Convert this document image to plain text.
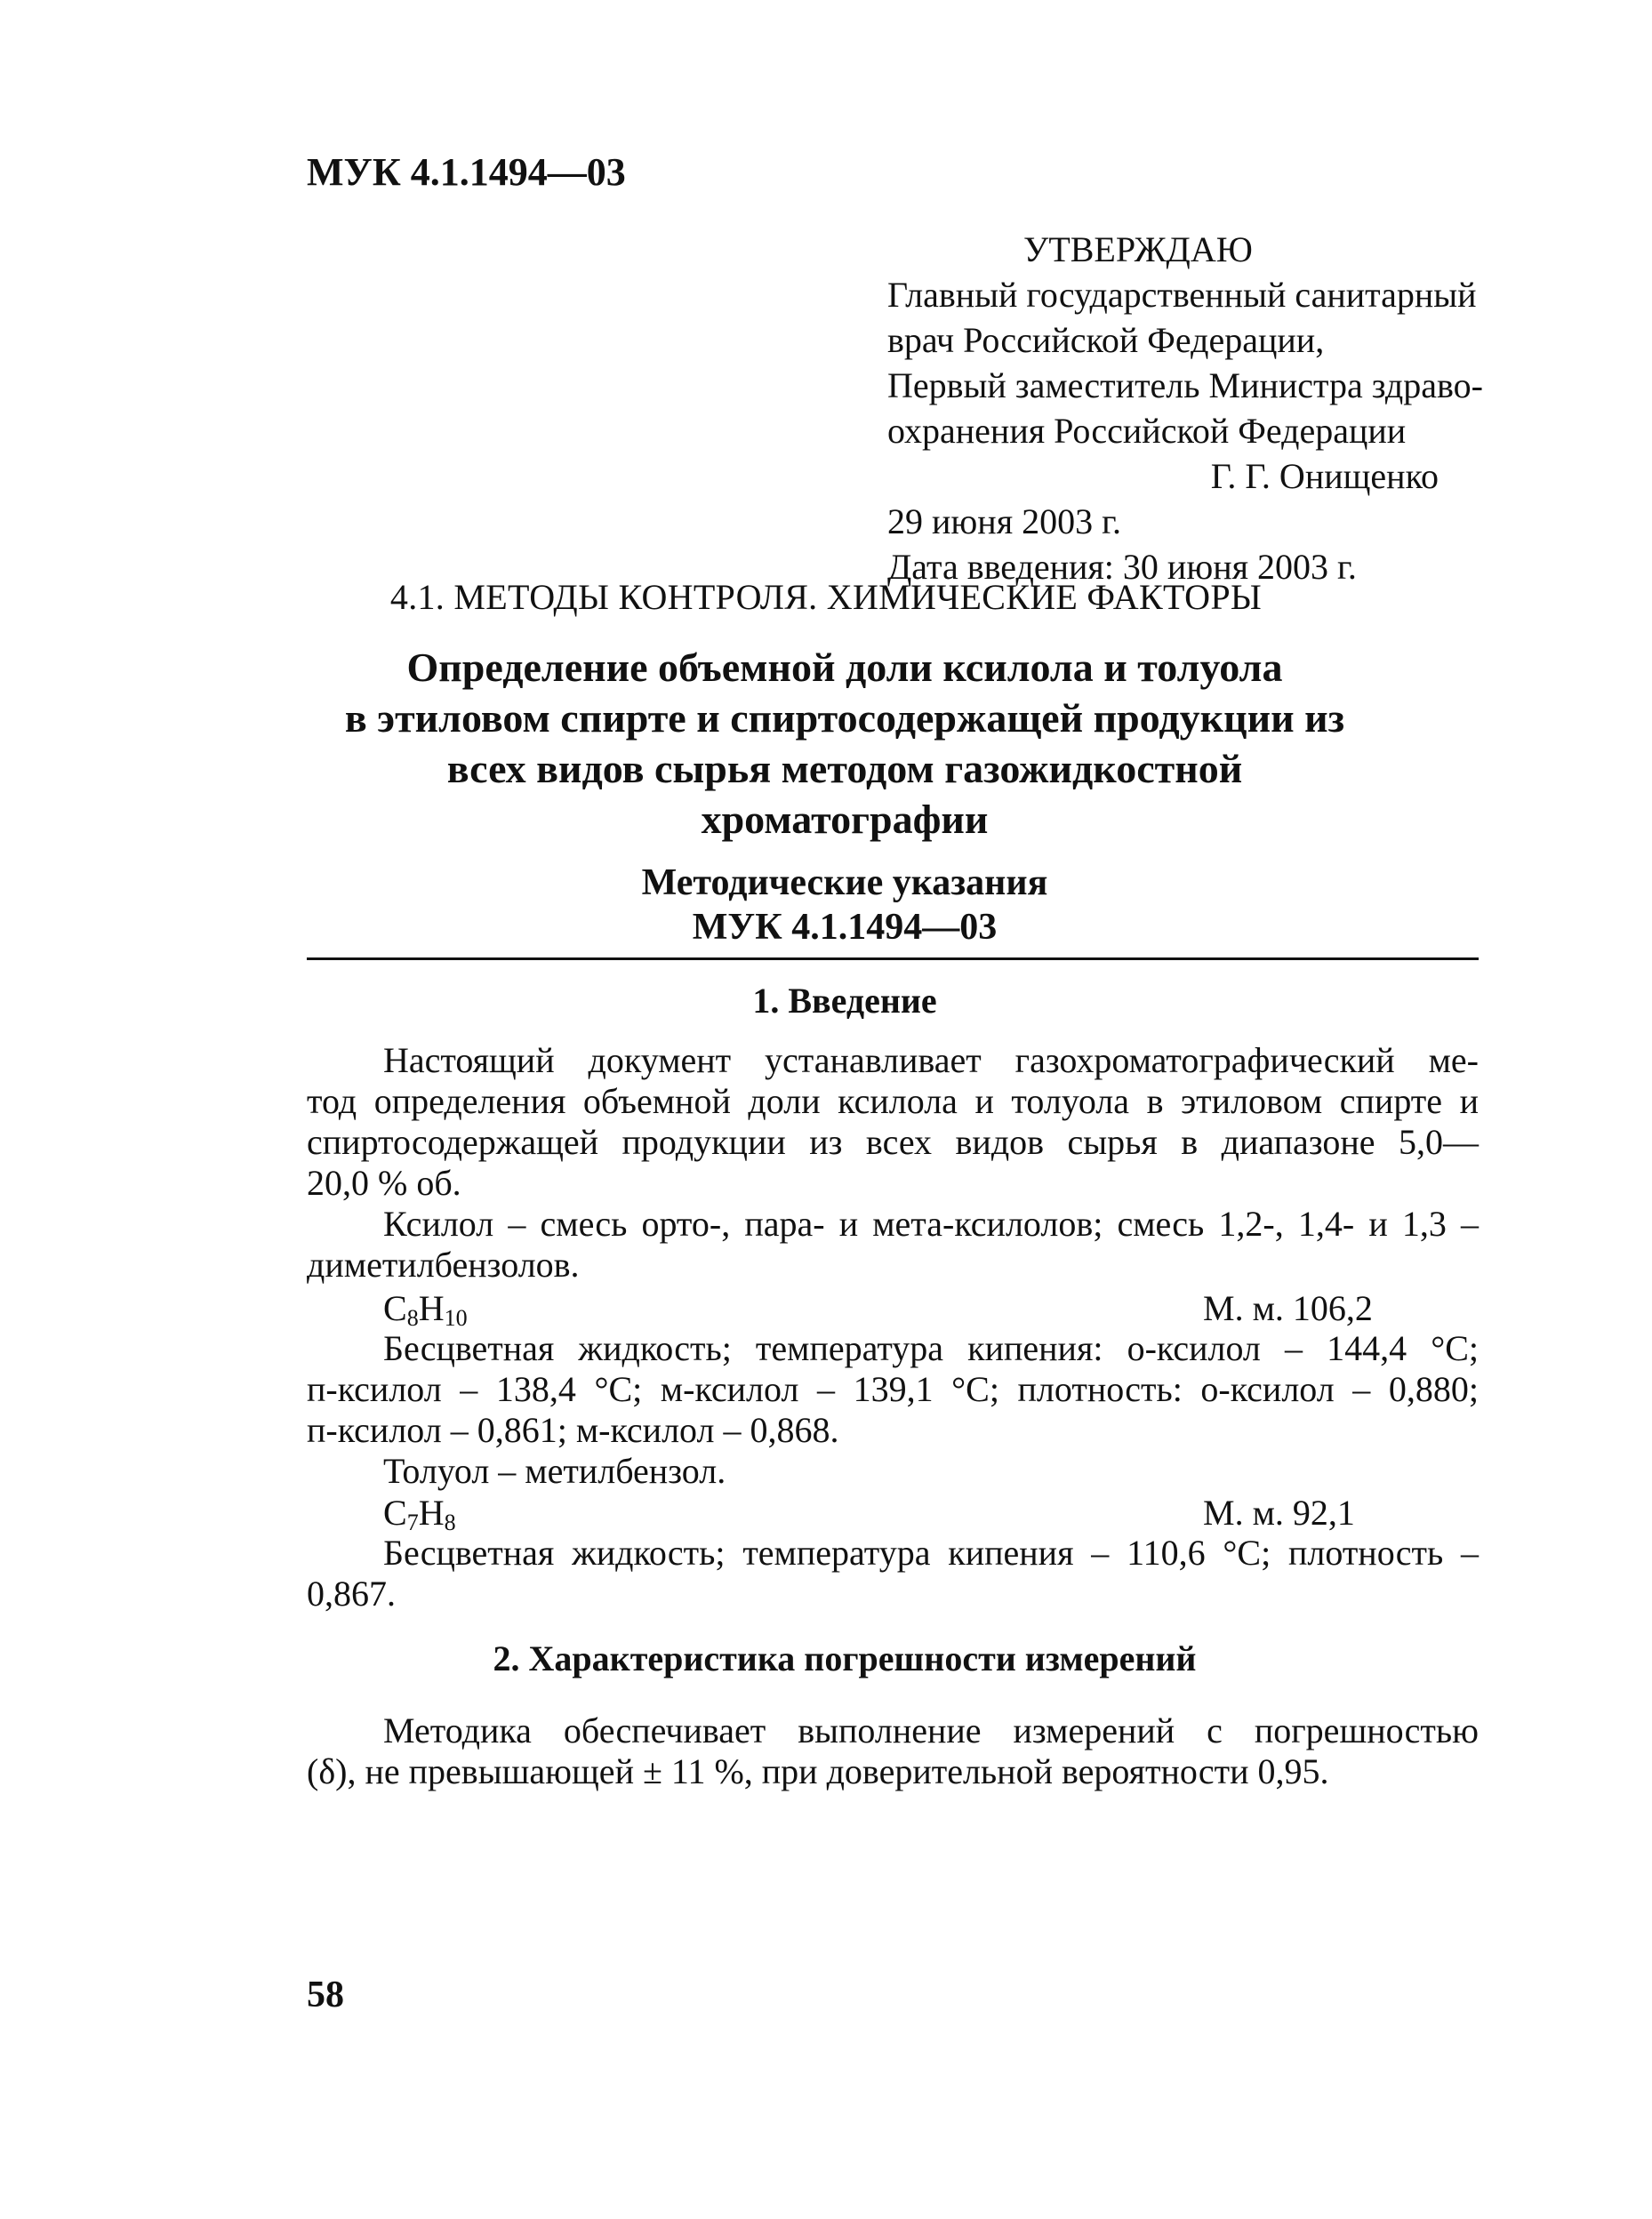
МУК 4.1.1494—03
УТВЕРЖДАЮ
Главный государственный санитарный
врач Российской Федерации,
Первый заместитель Министра здраво-
охранения Российской Федерации
Г. Г. Онищенко
29 июня 2003 г.
Дата введения: 30 июня 2003 г.
4.1. МЕТОДЫ КОНТРОЛЯ. ХИМИЧЕСКИЕ ФАКТОРЫ
Определение объемной доли ксилола и толуола
в этиловом спирте и спиртосодержащей продукции из
всех видов сырья методом газожидкостной
хроматографии
Методические указания
МУК 4.1.1494—03
1. Введение
Настоящий документ устанавливает газохроматографический ме-
тод определения объемной доли ксилола и толуола в этиловом спирте и
спиртосодержащей продукции из всех видов сырья в диапазоне 5,0—
20,0 % об.
Ксилол – смесь орто-, пара- и мета-ксилолов; смесь 1,2-, 1,4- и 1,3 –
диметилбензолов.
$C_8H_{10}$	М. м. 106,2
Бесцветная жидкость; температура кипения: о-ксилол – 144,4 °С;
п-ксилол – 138,4 °С; м-ксилол – 139,1 °С; плотность: о-ксилол – 0,880;
п-ксилол – 0,861; м-ксилол – 0,868.
Толуол – метилбензол.
$C_7H_8$	М. м. 92,1
Бесцветная жидкость; температура кипения – 110,6 °С; плотность –
0,867.
2. Характеристика погрешности измерений
Методика обеспечивает выполнение измерений с погрешностью
(δ), не превышающей ± 11 %, при доверительной вероятности 0,95.
58
